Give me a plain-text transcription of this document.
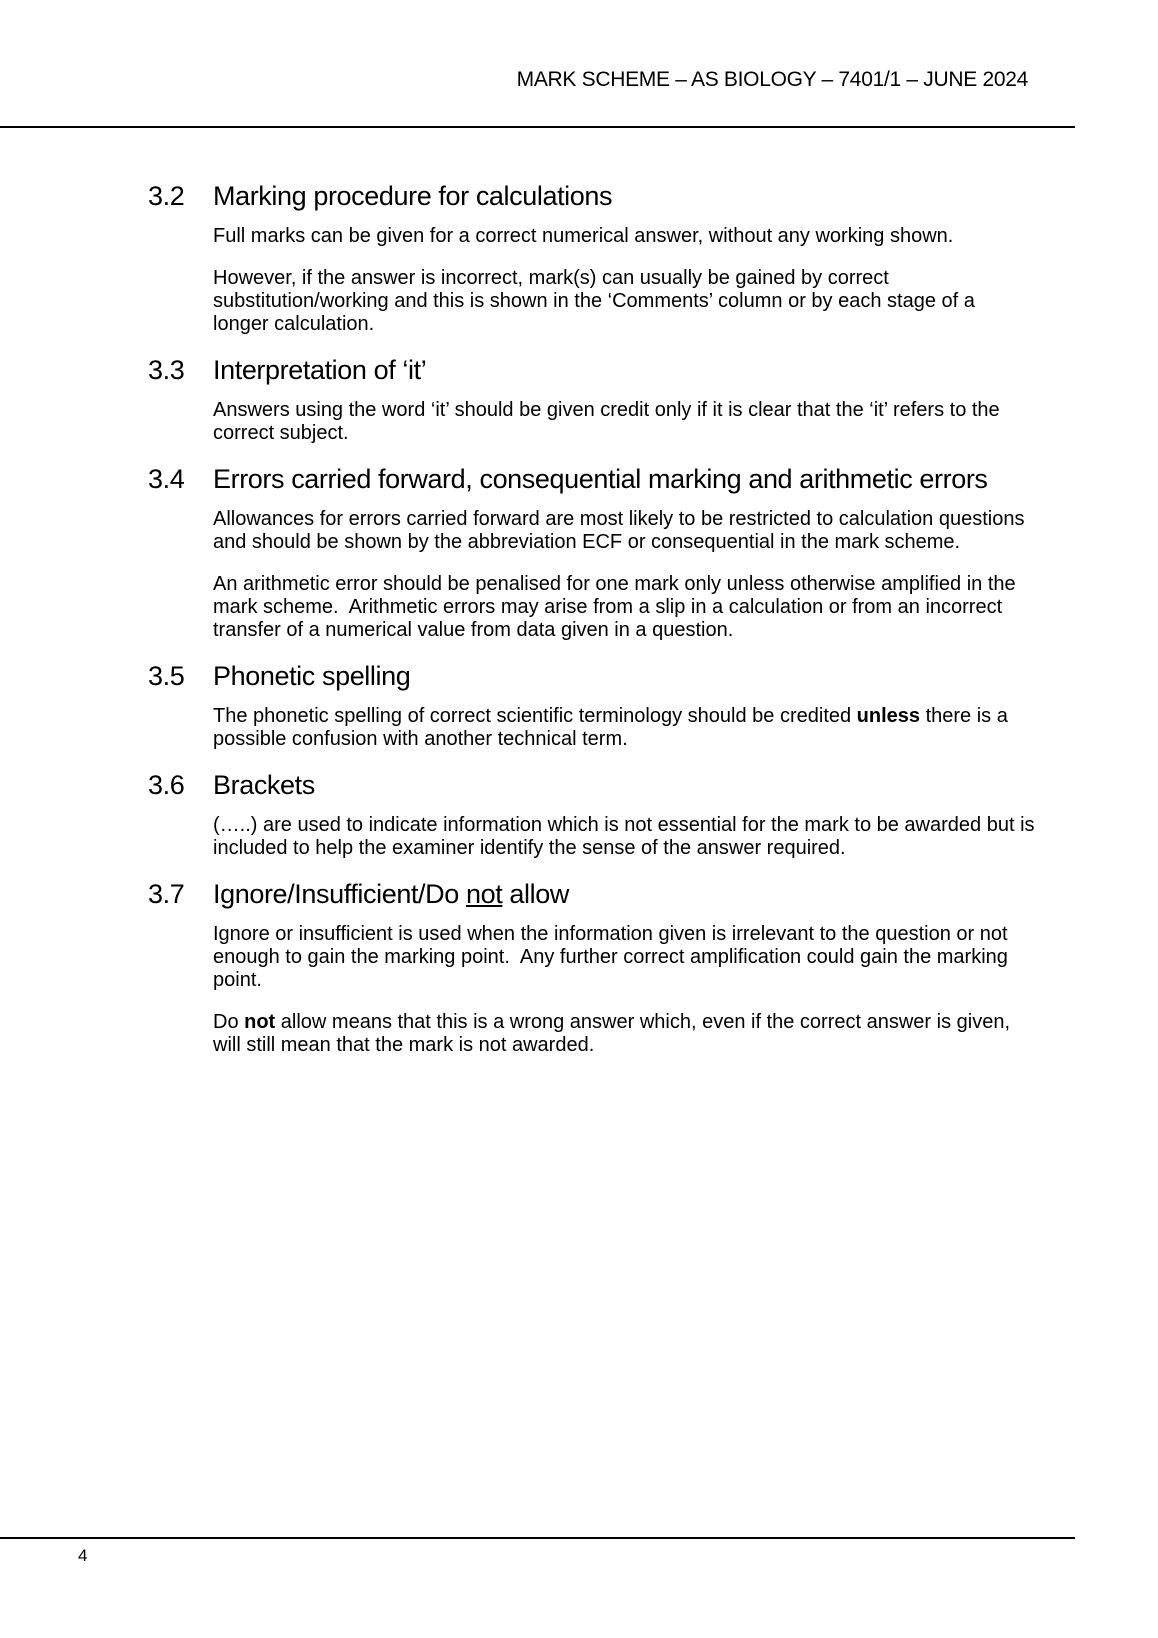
MARK SCHEME – AS BIOLOGY – 7401/1 – JUNE 2024
3.2	Marking procedure for calculations

Full marks can be given for a correct numerical answer, without any working shown.

However, if the answer is incorrect, mark(s) can usually be gained by correct substitution/working and this is shown in the ‘Comments’ column or by each stage of a longer calculation.

3.3	Interpretation of ‘it’

Answers using the word ‘it’ should be given credit only if it is clear that the ‘it’ refers to the correct subject.

3.4	Errors carried forward, consequential marking and arithmetic errors

Allowances for errors carried forward are most likely to be restricted to calculation questions and should be shown by the abbreviation ECF or consequential in the mark scheme.

An arithmetic error should be penalised for one mark only unless otherwise amplified in the mark scheme.  Arithmetic errors may arise from a slip in a calculation or from an incorrect transfer of a numerical value from data given in a question.

3.5	Phonetic spelling

The phonetic spelling of correct scientific terminology should be credited unless there is a possible confusion with another technical term.

3.6	Brackets

(…..) are used to indicate information which is not essential for the mark to be awarded but is included to help the examiner identify the sense of the answer required.

3.7	Ignore/Insufficient/Do not allow

Ignore or insufficient is used when the information given is irrelevant to the question or not enough to gain the marking point.  Any further correct amplification could gain the marking point.

Do not allow means that this is a wrong answer which, even if the correct answer is given, will still mean that the mark is not awarded.

4
